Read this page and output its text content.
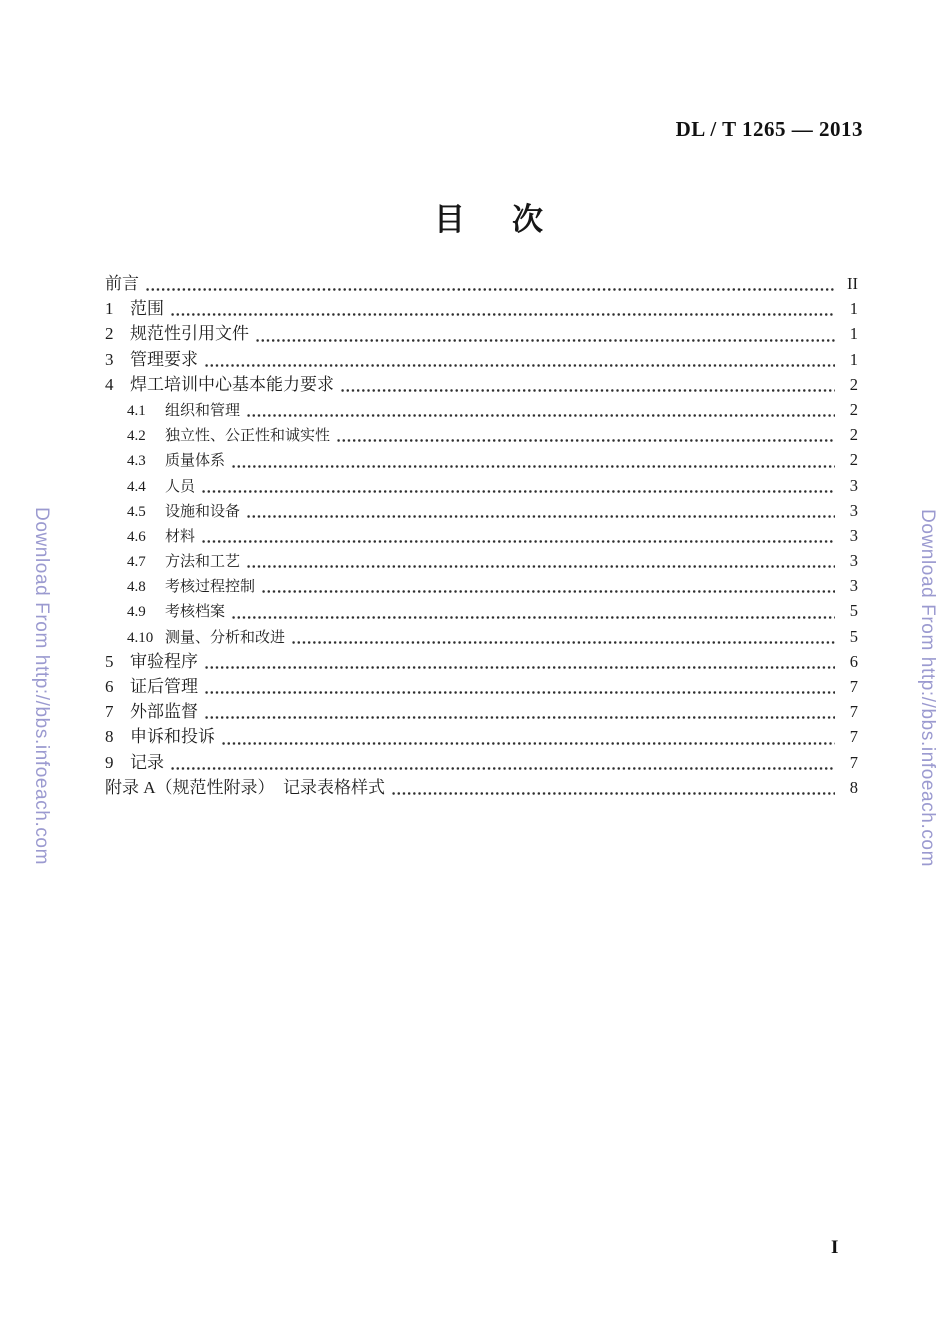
DL / T 1265 — 2013
目次
Download From http://bbs.infoeach.com	Download From http://bbs.infoeach.com
前言	II
1 范围	1
2 规范性引用文件	1
3 管理要求	1
4 焊工培训中心基本能力要求	2
4.1	组织和管理	2
4.2	独立性、公正性和诚实性	2
4.3	质量体系	2
4.4	人员	3
4.5	设施和设备	3
4.6	材料	3
4.7	方法和工艺	3
4.8	考核过程控制	3
4.9	考核档案	5
4.10 测量、分析和改进	5
5 审验程序	6
6 证后管理	7
7 外部监督	7
8 申诉和投诉	7
9 记录	7
附录 A（规范性附录）　记录表格样式	8
I
